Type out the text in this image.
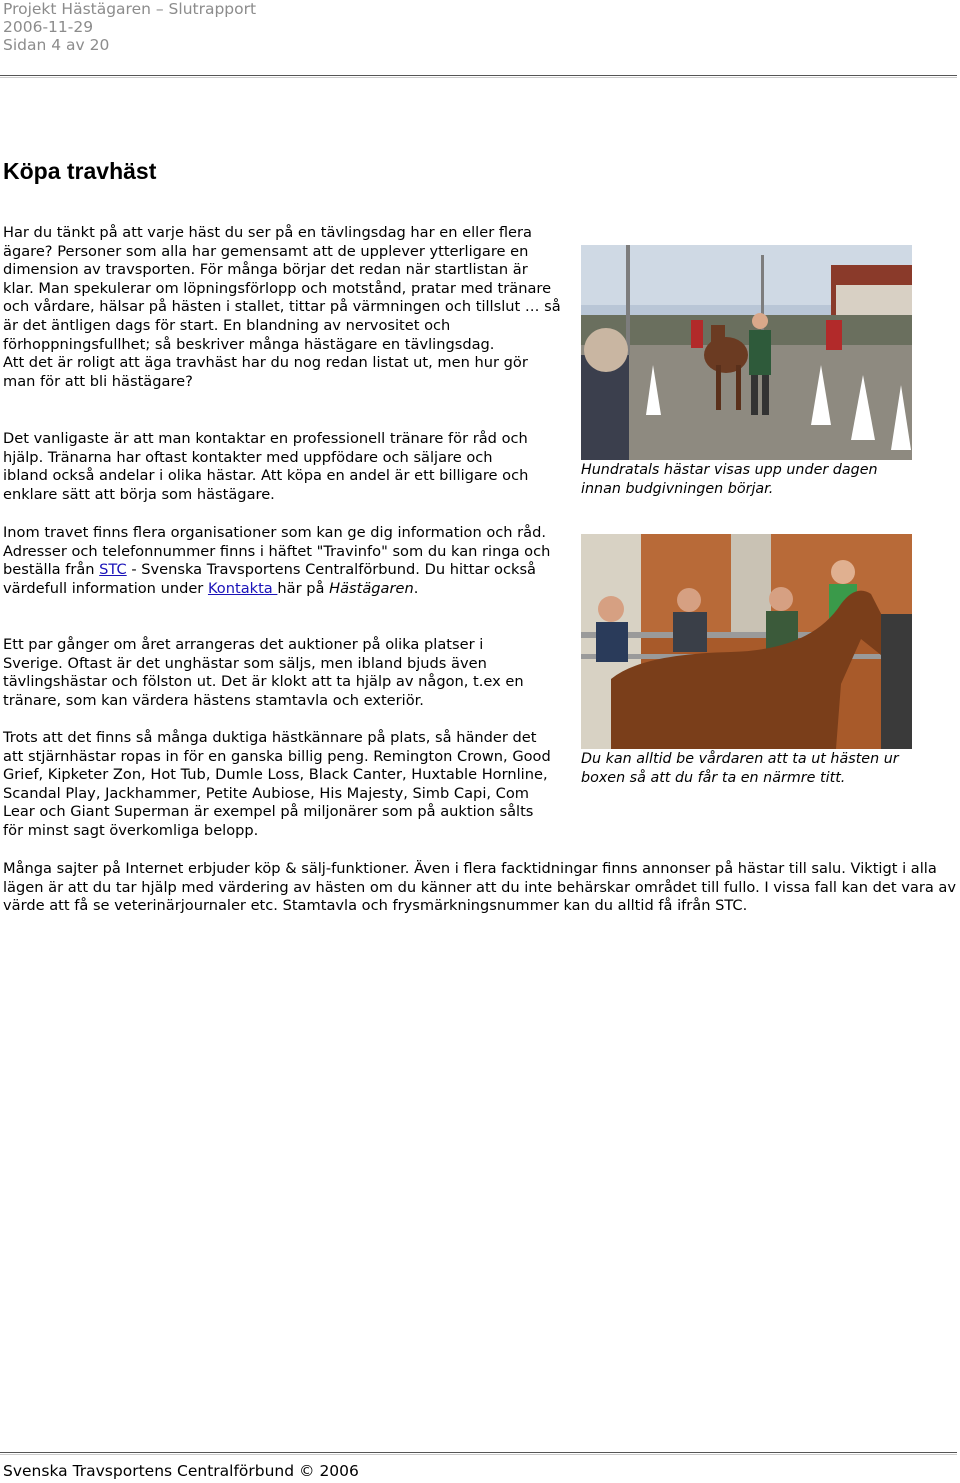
Projekt Hästägaren – Slutrapport
2006-11-29
Sidan 4 av 20
Köpa travhäst

Har du tänkt på att varje häst du ser på en tävlingsdag har en eller flera ägare? Personer som alla har gemensamt att de upplever ytterligare en dimension av travsporten. För många börjar det redan när startlistan är klar. Man spekulerar om löpningsförlopp och motstånd, pratar med tränare och vårdare, hälsar på hästen i stallet, tittar på värmningen och tillslut … så är det äntligen dags för start. En blandning av nervositet och förhoppningsfullhet; så beskriver många hästägare en tävlingsdag.

Att det är roligt att äga travhäst har du nog redan listat ut, men hur gör man för att bli hästägare?

Det vanligaste är att man kontaktar en professionell tränare för råd och hjälp. Tränarna har oftast kontakter med uppfödare och säljare och ibland också andelar i olika hästar. Att köpa en andel är ett billigare och enklare sätt att börja som hästägare.
Inom travet finns flera organisationer som kan ge dig information och råd. Adresser och telefonnummer finns i häftet "Travinfo" som du kan ringa och beställa från STC - Svenska Travsportens Centralförbund. Du hittar också värdefull information under Kontakta här på Hästägaren.
Ett par gånger om året arrangeras det auktioner på olika platser i Sverige. Oftast är det unghästar som säljs, men ibland bjuds även tävlingshästar och fölston ut. Det är klokt att ta hjälp av någon, t.ex en tränare, som kan värdera hästens stamtavla och exteriör.
Trots att det finns så många duktiga hästkännare på plats, så händer det att stjärnhästar ropas in för en ganska billig peng. Remington Crown, Good Grief, Kipketer Zon, Hot Tub, Dumle Loss, Black Canter, Huxtable Hornline, Scandal Play, Jackhammer, Petite Aubiose, His Majesty, Simb Capi, Com Lear och Giant Superman är exempel på miljonärer som på auktion sålts för minst sagt överkomliga belopp.
Många sajter på Internet erbjuder köp & sälj-funktioner. Även i flera facktidningar finns annonser på hästar till salu. Viktigt i alla lägen är att du tar hjälp med värdering av hästen om du känner att du inte behärskar området till fullo. I vissa fall kan det vara av värde att få se veterinärjournaler etc. Stamtavla och frysmärkningsnummer kan du alltid få ifrån STC.
Hundratals hästar visas upp under dagen innan budgivningen börjar.
Du kan alltid be vårdaren att ta ut hästen ur boxen så att du får ta en närmre titt.
Svenska Travsportens Centralförbund © 2006
